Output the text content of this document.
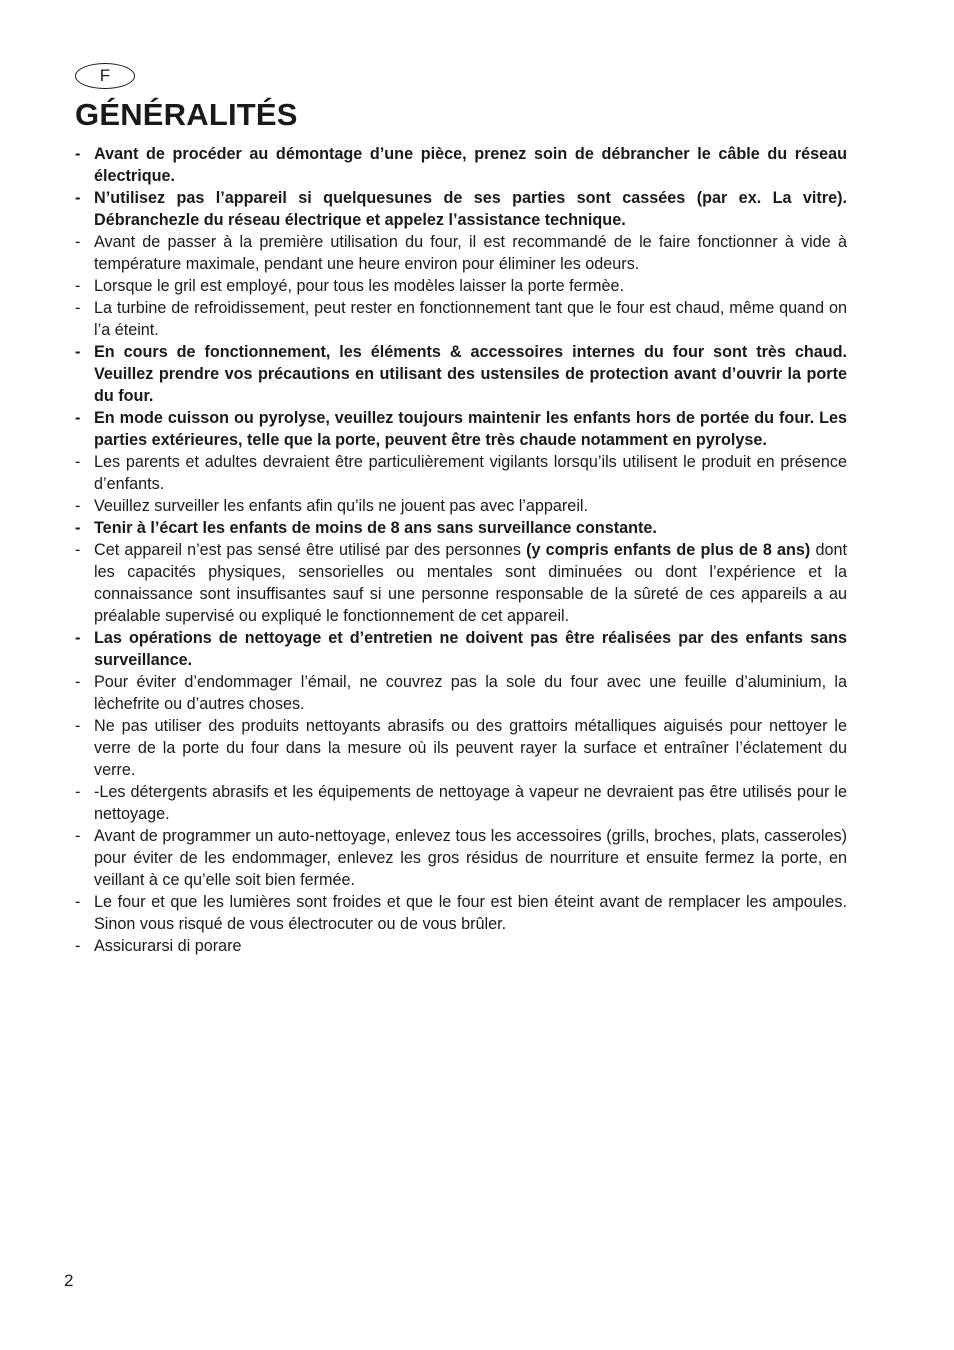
F
GÉNÉRALITÉS
- Avant de procéder au démontage d’une pièce, prenez soin de débrancher le câble du réseau électrique.
- N’utilisez pas l’appareil si quelquesunes de ses parties sont cassées (par ex. La vitre). Débranchezle du réseau électrique et appelez l’assistance technique.
- Avant de passer à la première utilisation du four, il est recommandé de le faire fonctionner à vide à température maximale, pendant une heure environ pour éliminer les odeurs.
- Lorsque le gril est employé, pour tous les modèles laisser la porte fermèe.
- La turbine de refroidissement, peut rester en fonctionnement tant que le four est chaud, même quand on l’a éteint.
- En cours de fonctionnement, les éléments & accessoires internes du four sont très chaud. Veuillez prendre vos précautions en utilisant des ustensiles de protection avant d’ouvrir la porte du four.
- En mode cuisson ou pyrolyse, veuillez toujours maintenir les enfants hors de portée du four. Les parties extérieures, telle que la porte, peuvent être très chaude notamment en pyrolyse.
- Les parents et adultes devraient être particulièrement vigilants lorsqu’ils utilisent le produit en présence d’enfants.
- Veuillez surveiller les enfants afin qu’ils ne jouent pas avec l’appareil.
- Tenir à l’écart les enfants de moins de 8 ans sans surveillance constante.
- Cet appareil n’est pas sensé être utilisé par des personnes (y compris enfants de plus de 8 ans) dont les capacités physiques, sensorielles ou mentales sont diminuées ou dont l’expérience et la connaissance sont insuffisantes sauf si une personne responsable de la sûreté de ces appareils a au préalable supervisé ou expliqué le fonctionnement de cet appareil.
- Las opérations de nettoyage et d’entretien ne doivent pas être réalisées par des enfants sans surveillance.
- Pour éviter d’endommager l’émail, ne couvrez pas la sole du four avec une feuille d’aluminium, la lèchefrite ou d’autres choses.
- Ne pas utiliser des produits nettoyants abrasifs ou des grattoirs métalliques aiguisés pour nettoyer le verre de la porte du four dans la mesure où ils peuvent rayer la surface et entraîner l’éclatement du verre.
- -Les détergents abrasifs et les équipements de nettoyage à vapeur ne devraient pas être utilisés pour le nettoyage.
- Avant de programmer un auto-nettoyage, enlevez tous les accessoires (grills, broches, plats, casseroles) pour éviter de les endommager, enlevez les gros résidus de nourriture et ensuite fermez la porte, en veillant à ce qu’elle soit bien fermée.
- Le four et que les lumières sont froides et que le four est bien éteint avant de remplacer les ampoules. Sinon vous risqué de vous électrocuter ou de vous brûler.
- Assicurarsi di porare
2
